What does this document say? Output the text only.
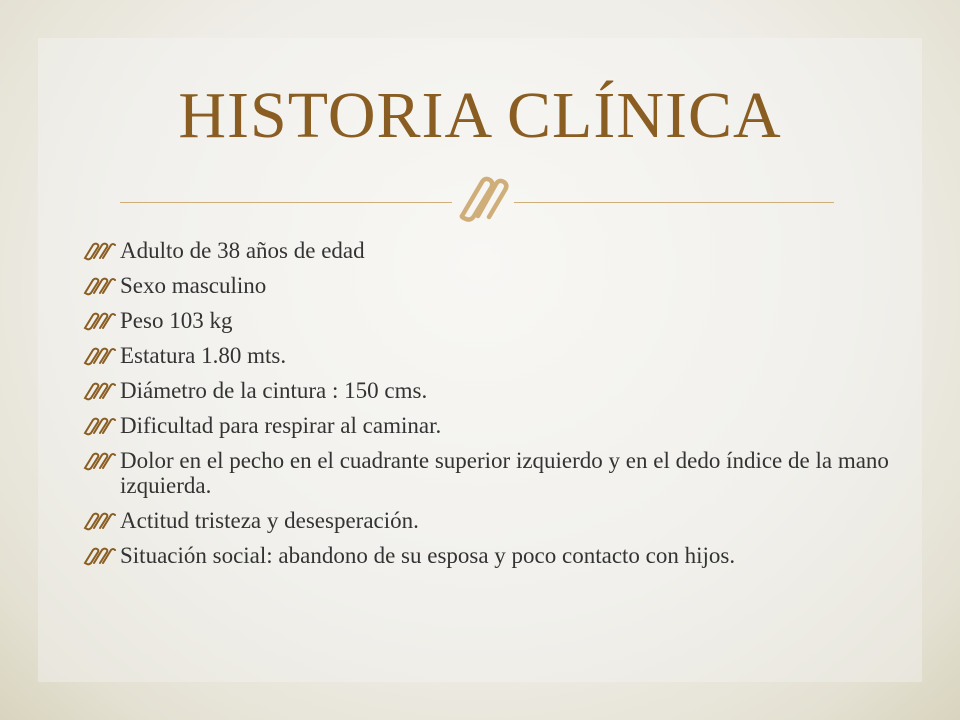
HISTORIA CLÍNICA
Adulto de 38 años de edad
Sexo masculino
Peso 103 kg
Estatura 1.80 mts.
Diámetro de la cintura : 150 cms.
Dificultad para respirar al caminar.
Dolor en el pecho en el cuadrante superior izquierdo y en el dedo índice de la mano izquierda.
Actitud tristeza y desesperación.
Situación social: abandono de su esposa y poco contacto con hijos.
